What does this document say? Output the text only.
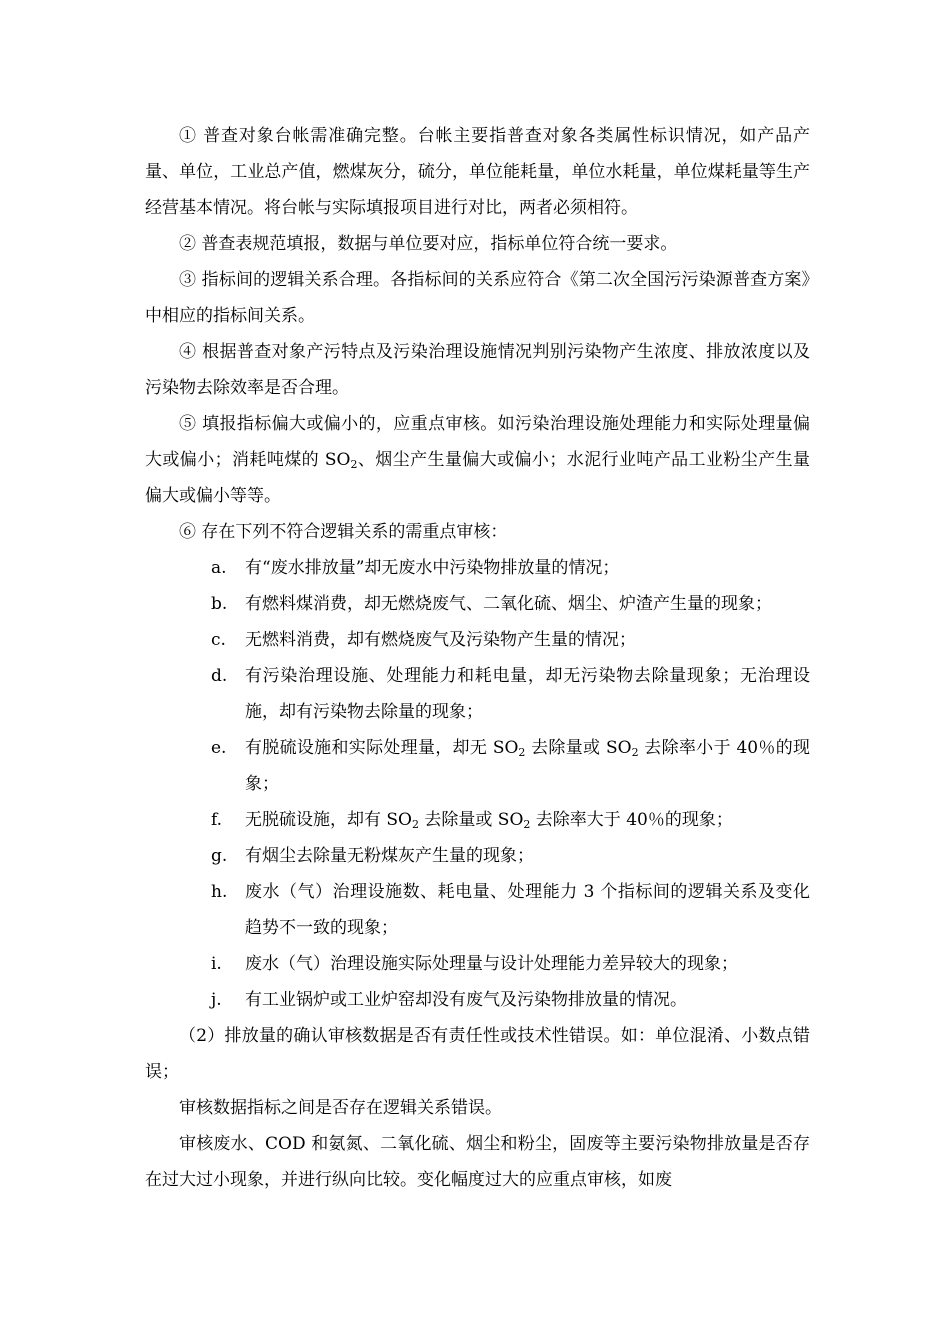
① 普查对象台帐需准确完整。台帐主要指普查对象各类属性标识情况，如产品产量、单位，工业总产值，燃煤灰分，硫分，单位能耗量，单位水耗量，单位煤耗量等生产经营基本情况。将台帐与实际填报项目进行对比，两者必须相符。

② 普查表规范填报，数据与单位要对应，指标单位符合统一要求。

③ 指标间的逻辑关系合理。各指标间的关系应符合《第二次全国污污染源普查方案》中相应的指标间关系。

④ 根据普查对象产污特点及污染治理设施情况判别污染物产生浓度、排放浓度以及污染物去除效率是否合理。

⑤ 填报指标偏大或偏小的，应重点审核。如污染治理设施处理能力和实际处理量偏大或偏小；消耗吨煤的 $SO_2$、烟尘产生量偏大或偏小；水泥行业吨产品工业粉尘产生量偏大或偏小等等。

⑥ 存在下列不符合逻辑关系的需重点审核：

a. 有“废水排放量”却无废水中污染物排放量的情况；
b. 有燃料煤消费，却无燃烧废气、二氧化硫、烟尘、炉渣产生量的现象；
c. 无燃料消费，却有燃烧废气及污染物产生量的情况；
d. 有污染治理设施、处理能力和耗电量，却无污染物去除量现象；无治理设施，却有污染物去除量的现象；
e. 有脱硫设施和实际处理量，却无 $SO_2$ 去除量或 $SO_2$ 去除率小于 40％的现象；
f. 无脱硫设施，却有 $SO_2$ 去除量或 $SO_2$ 去除率大于 40％的现象；
g. 有烟尘去除量无粉煤灰产生量的现象；
h. 废水（气）治理设施数、耗电量、处理能力 3 个指标间的逻辑关系及变化趋势不一致的现象；
i. 废水（气）治理设施实际处理量与设计处理能力差异较大的现象；
j. 有工业锅炉或工业炉窑却没有废气及污染物排放量的情况。

（2）排放量的确认审核数据是否有责任性或技术性错误。如：单位混淆、小数点错误；

审核数据指标之间是否存在逻辑关系错误。

审核废水、COD 和氨氮、二氧化硫、烟尘和粉尘，固废等主要污染物排放量是否存在过大过小现象，并进行纵向比较。变化幅度过大的应重点审核，如废
